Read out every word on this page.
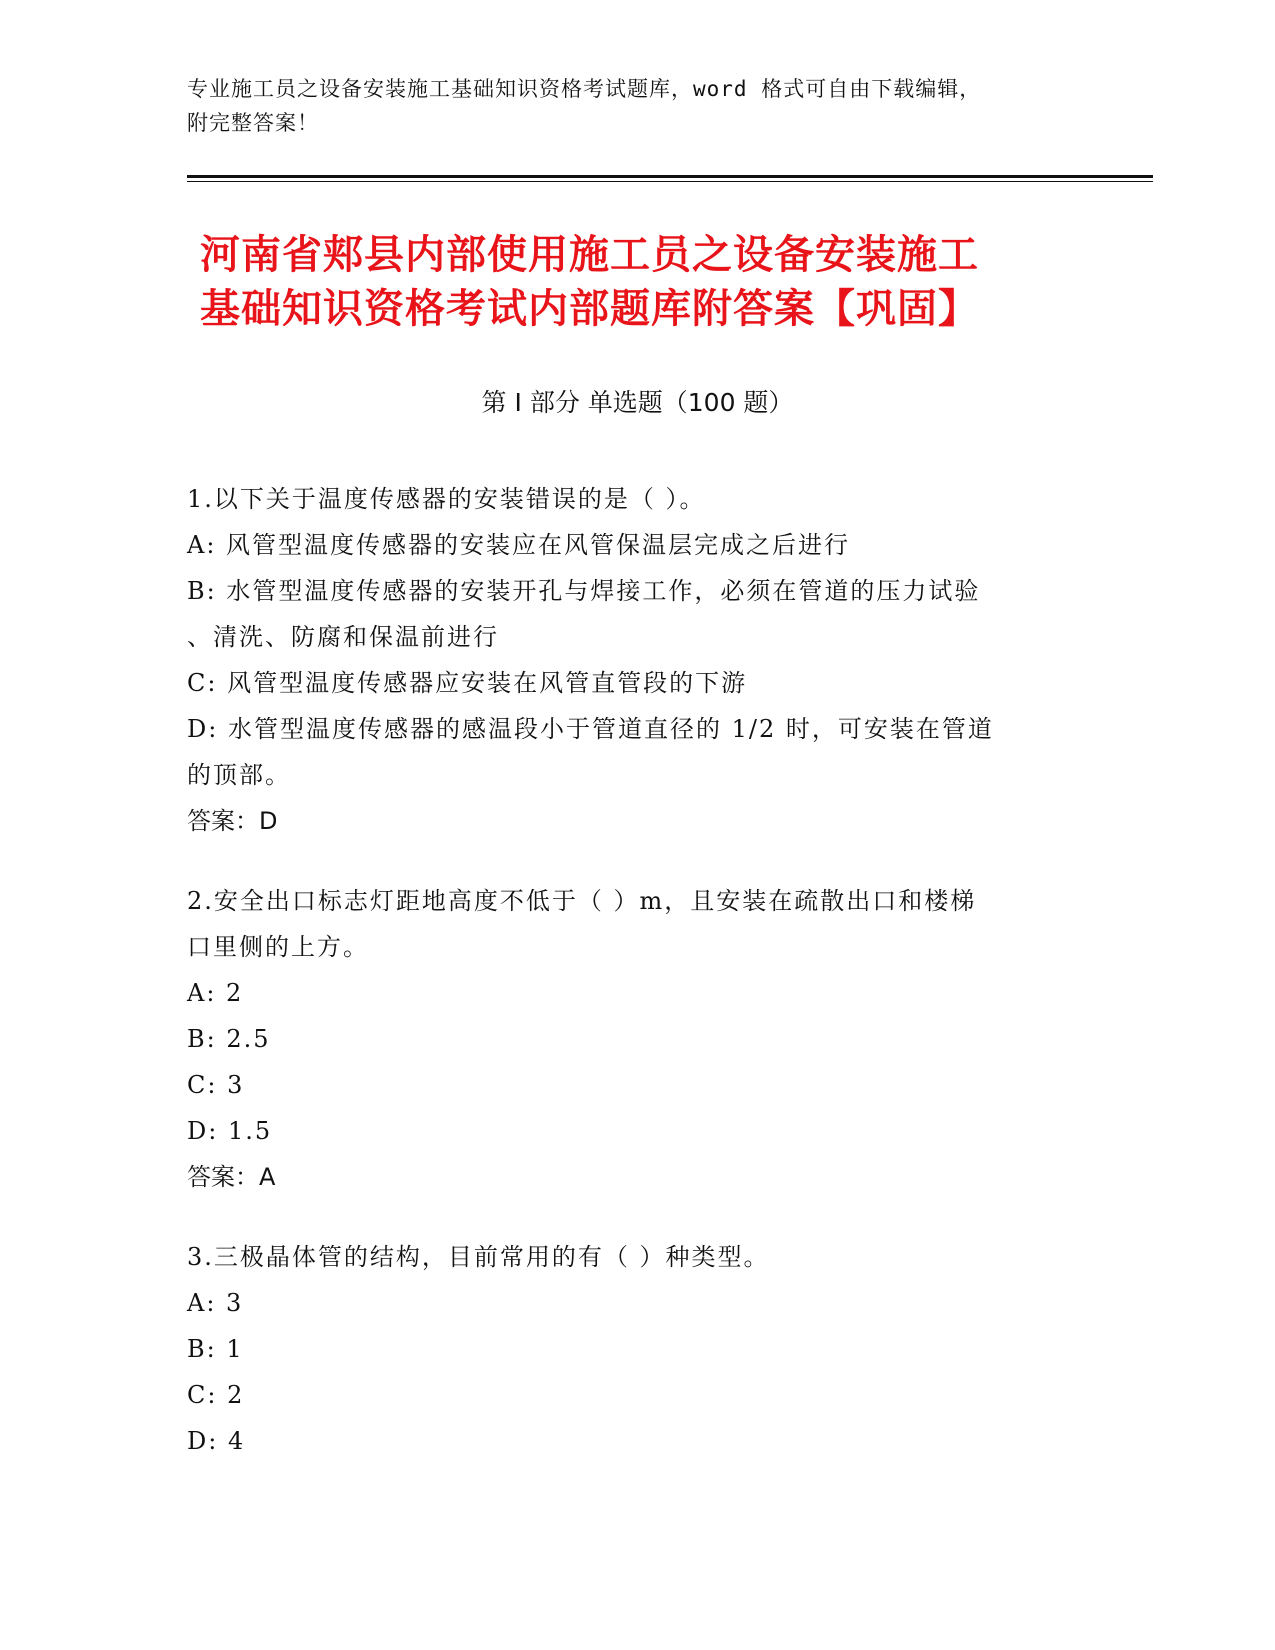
专业施工员之设备安装施工基础知识资格考试题库，word 格式可自由下载编辑，
附完整答案！
河南省郏县内部使用施工员之设备安装施工
基础知识资格考试内部题库附答案【巩固】
第 I 部分 单选题（100 题）

1.以下关于温度传感器的安装错误的是（ ）。

A: 风管型温度传感器的安装应在风管保温层完成之后进行

B: 水管型温度传感器的安装开孔与焊接工作，必须在管道的压力试验

、清洗、防腐和保温前进行

C: 风管型温度传感器应安装在风管直管段的下游

D: 水管型温度传感器的感温段小于管道直径的 1/2 时，可安装在管道

的顶部。

答案：D

2.安全出口标志灯距地高度不低于（ ）m，且安装在疏散出口和楼梯

口里侧的上方。

A: 2

B: 2.5

C: 3

D: 1.5

答案：A

3.三极晶体管的结构，目前常用的有（ ）种类型。

A: 3

B: 1

C: 2

D: 4
